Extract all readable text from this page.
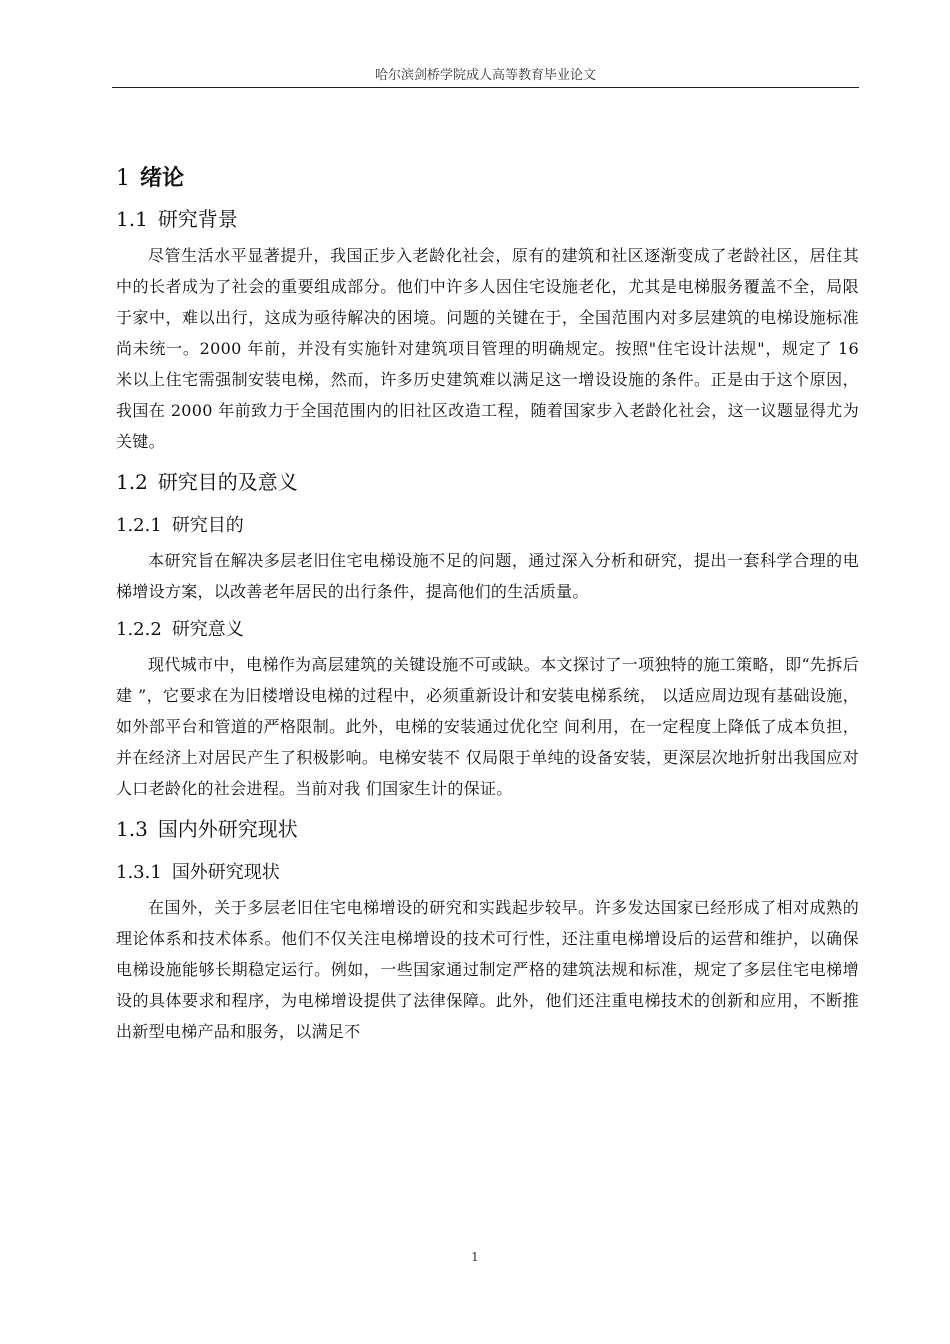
哈尔滨剑桥学院成人高等教育毕业论文
1 绪论
1.1 研究背景

尽管生活水平显著提升，我国正步入老龄化社会，原有的建筑和社区逐渐变成了老龄社区，居住其中的长者成为了社会的重要组成部分。他们中许多人因住宅设施老化，尤其是电梯服务覆盖不全，局限于家中，难以出行，这成为亟待解决的困境。问题的关键在于，全国范围内对多层建筑的电梯设施标准尚未统一。2000 年前，并没有实施针对建筑项目管理的明确规定。按照"住宅设计法规"，规定了 16 米以上住宅需强制安装电梯，然而，许多历史建筑难以满足这一增设设施的条件。正是由于这个原因，我国在 2000 年前致力于全国范围内的旧社区改造工程，随着国家步入老龄化社会，这一议题显得尤为关键。

1.2 研究目的及意义
1.2.1 研究目的

本研究旨在解决多层老旧住宅电梯设施不足的问题，通过深入分析和研究，提出一套科学合理的电梯增设方案，以改善老年居民的出行条件，提高他们的生活质量。

1.2.2 研究意义

现代城市中，电梯作为高层建筑的关键设施不可或缺。本文探讨了一项独特的施工策略，即“先拆后建 ”，它要求在为旧楼增设电梯的过程中，必须重新设计和安装电梯系统， 以适应周边现有基础设施，如外部平台和管道的严格限制。此外，电梯的安装通过优化空 间利用，在一定程度上降低了成本负担，并在经济上对居民产生了积极影响。电梯安装不 仅局限于单纯的设备安装，更深层次地折射出我国应对人口老龄化的社会进程。当前对我 们国家生计的保证。

1.3 国内外研究现状
1.3.1 国外研究现状

在国外，关于多层老旧住宅电梯增设的研究和实践起步较早。许多发达国家已经形成了相对成熟的理论体系和技术体系。他们不仅关注电梯增设的技术可行性，还注重电梯增设后的运营和维护，以确保电梯设施能够长期稳定运行。例如，一些国家通过制定严格的建筑法规和标准，规定了多层住宅电梯增设的具体要求和程序，为电梯增设提供了法律保障。此外，他们还注重电梯技术的创新和应用，不断推出新型电梯产品和服务，以满足不

1
